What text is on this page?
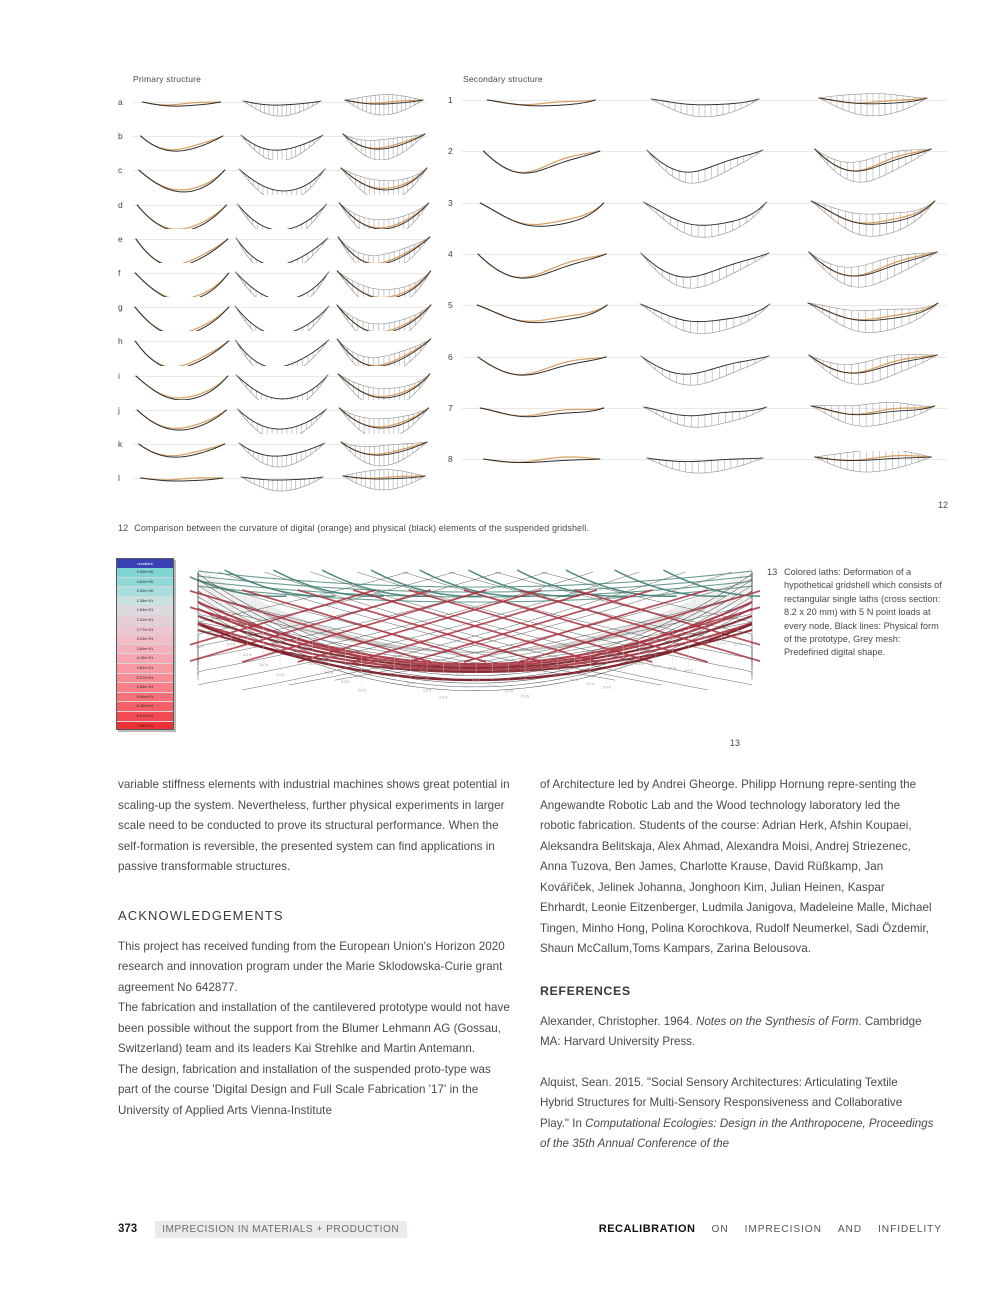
Primary structure	Secondary structure
a
b
c
d
e
f
g
h
i
j
k
l
1
2
3
4
5
6
7
8
12
12 Comparison between the curvature of digital (orange) and physical (black) elements of the suspended gridshell.
resultant
0.00e+00
4.61e+00
9.22e+00
1.38e+01
1.84e+01
2.31e+01
2.77e+01
3.23e+01
3.69e+01
4.15e+01
4.61e+01
5.07e+01
5.53e+01
5.99e+01
6.45e+01
6.91e+01
7.38e+01
5.0 N
5.0 N
5.0 N
5.0 N
5.0 N
5.0 N
5.0 N
5.0 N
5.0 N
5.0 N
5.0 N
5.0 N
5.0 N
5.0 N
5.0 N
5.0 N
5.0 N
5.0 N
5.0 N
5.0 N
5.0 N
5.0 N
5.0 N
5.0 N
5.0 N
5.0 N
5.0 N
5.0 N
5.0 N 5.0 N
5.0 N 5.0 N 5.0 N
5.0 N
13 Colored laths: Deformation of a hypothetical gridshell which consists of rectangular single laths (cross section: 8.2 x 20 mm) with 5 N point loads at every node, Black lines: Physical form of the prototype, Grey mesh: Predefined digital shape.
13

variable stiffness elements with industrial machines shows great potential in scaling-up the system. Nevertheless, further physical experiments in larger scale need to be conducted to prove its structural performance. When the self-formation is reversible, the presented system can find applications in passive transformable structures.

ACKNOWLEDGEMENTS

This project has received funding from the European Union's Horizon 2020 research and innovation program under the Marie Sklodowska-Curie grant agreement No 642877.

The fabrication and installation of the cantilevered prototype would not have been possible without the support from the Blumer Lehmann AG (Gossau, Switzerland) team and its leaders Kai Strehlke and Martin Antemann.

The design, fabrication and installation of the suspended proto-type was part of the course 'Digital Design and Full Scale Fabrication '17' in the University of Applied Arts Vienna-Institute

of Architecture led by Andrei Gheorge. Philipp Hornung repre-senting the Angewandte Robotic Lab and the Wood technology laboratory led the robotic fabrication. Students of the course: Adrian Herk, Afshin Koupaei, Aleksandra Belitskaja, Alex Ahmad, Alexandra Moisi, Andrej Striezenec, Anna Tuzova, Ben James, Charlotte Krause, David Rüßkamp, Jan Kovářiček, Jelinek Johanna, Jonghoon Kim, Julian Heinen, Kaspar Ehrhardt, Leonie Eitzenberger, Ludmila Janigova, Madeleine Malle, Michael Tingen, Minho Hong, Polina Korochkova, Rudolf Neumerkel, Sadi Özdemir, Shaun McCallum,Toms Kampars, Zarina Belousova.

REFERENCES

Alexander, Christopher. 1964. Notes on the Synthesis of Form. Cambridge MA: Harvard University Press.

Alquist, Sean. 2015. "Social Sensory Architectures: Articulating Textile Hybrid Structures for Multi-Sensory Responsiveness and Collaborative Play." In Computational Ecologies: Design in the Anthropocene, Proceedings of the 35th Annual Conference of the

373	IMPRECISION IN MATERIALS + PRODUCTION	RECALIBRATION ON IMPRECISION AND INFIDELITY
